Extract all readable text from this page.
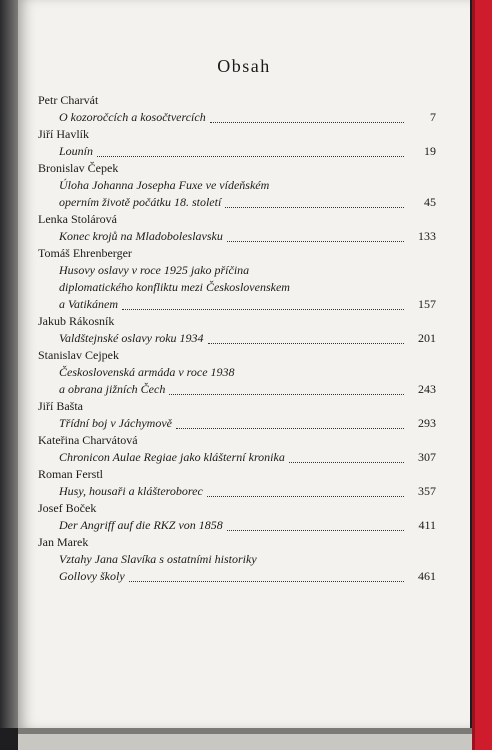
Obsah
Petr Charvát
O kozoročcích a kosočtvercích	7
Jiří Havlík
Lounín	19
Bronislav Čepek
Úloha Johanna Josepha Fuxe ve vídeňském
operním životě počátku 18. století	45
Lenka Stolárová
Konec krojů na Mladoboleslavsku	133
Tomáš Ehrenberger
Husovy oslavy v roce 1925 jako příčina
diplomatického konfliktu mezi Československem
a Vatikánem	157
Jakub Rákosník
Valdštejnské oslavy roku 1934	201
Stanislav Cejpek
Československá armáda v roce 1938
a obrana jižních Čech	243
Jiří Bašta
Třídní boj v Jáchymově	293
Kateřina Charvátová
Chronicon Aulae Regiae jako klášterní kronika	307
Roman Ferstl
Husy, housaři a klášteroborec	357
Josef Boček
Der Angriff auf die RKZ von 1858	411
Jan Marek
Vztahy Jana Slavíka s ostatními historiky
Gollovy školy	461
